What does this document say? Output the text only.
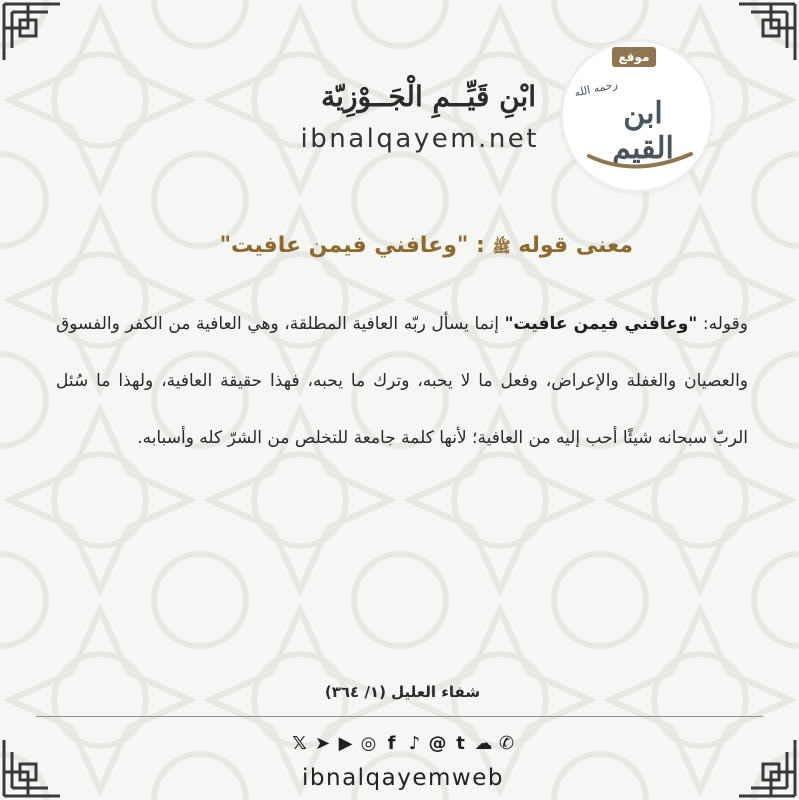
موقع
رحمه الله
ابن القيم
ابْنِ قَيِّــمِ الْجَــوْزِيّة
ibnalqayem.net
معنى قوله ﷺ : "وعافني فيمن عافيت"
وقوله: "وعافني فيمن عافيت" إنما يسأل ربّه العافية المطلقة، وهي العافية من الكفر والفسوق والعصيان والغفلة والإعراض، وفعل ما لا يحبه، وترك ما يحبه، فهذا حقيقة العافية، ولهذا ما سُئل الربّ سبحانه شيئًا أحب إليه من العافية؛ لأنها كلمة جامعة للتخلص من الشرّ كله وأسبابه.
شفاء العليل (١/ ٣٦٤)
𝕏 ➤ ▶ ◎ f ♪ @ t ☁ ✆
ibnalqayemweb
